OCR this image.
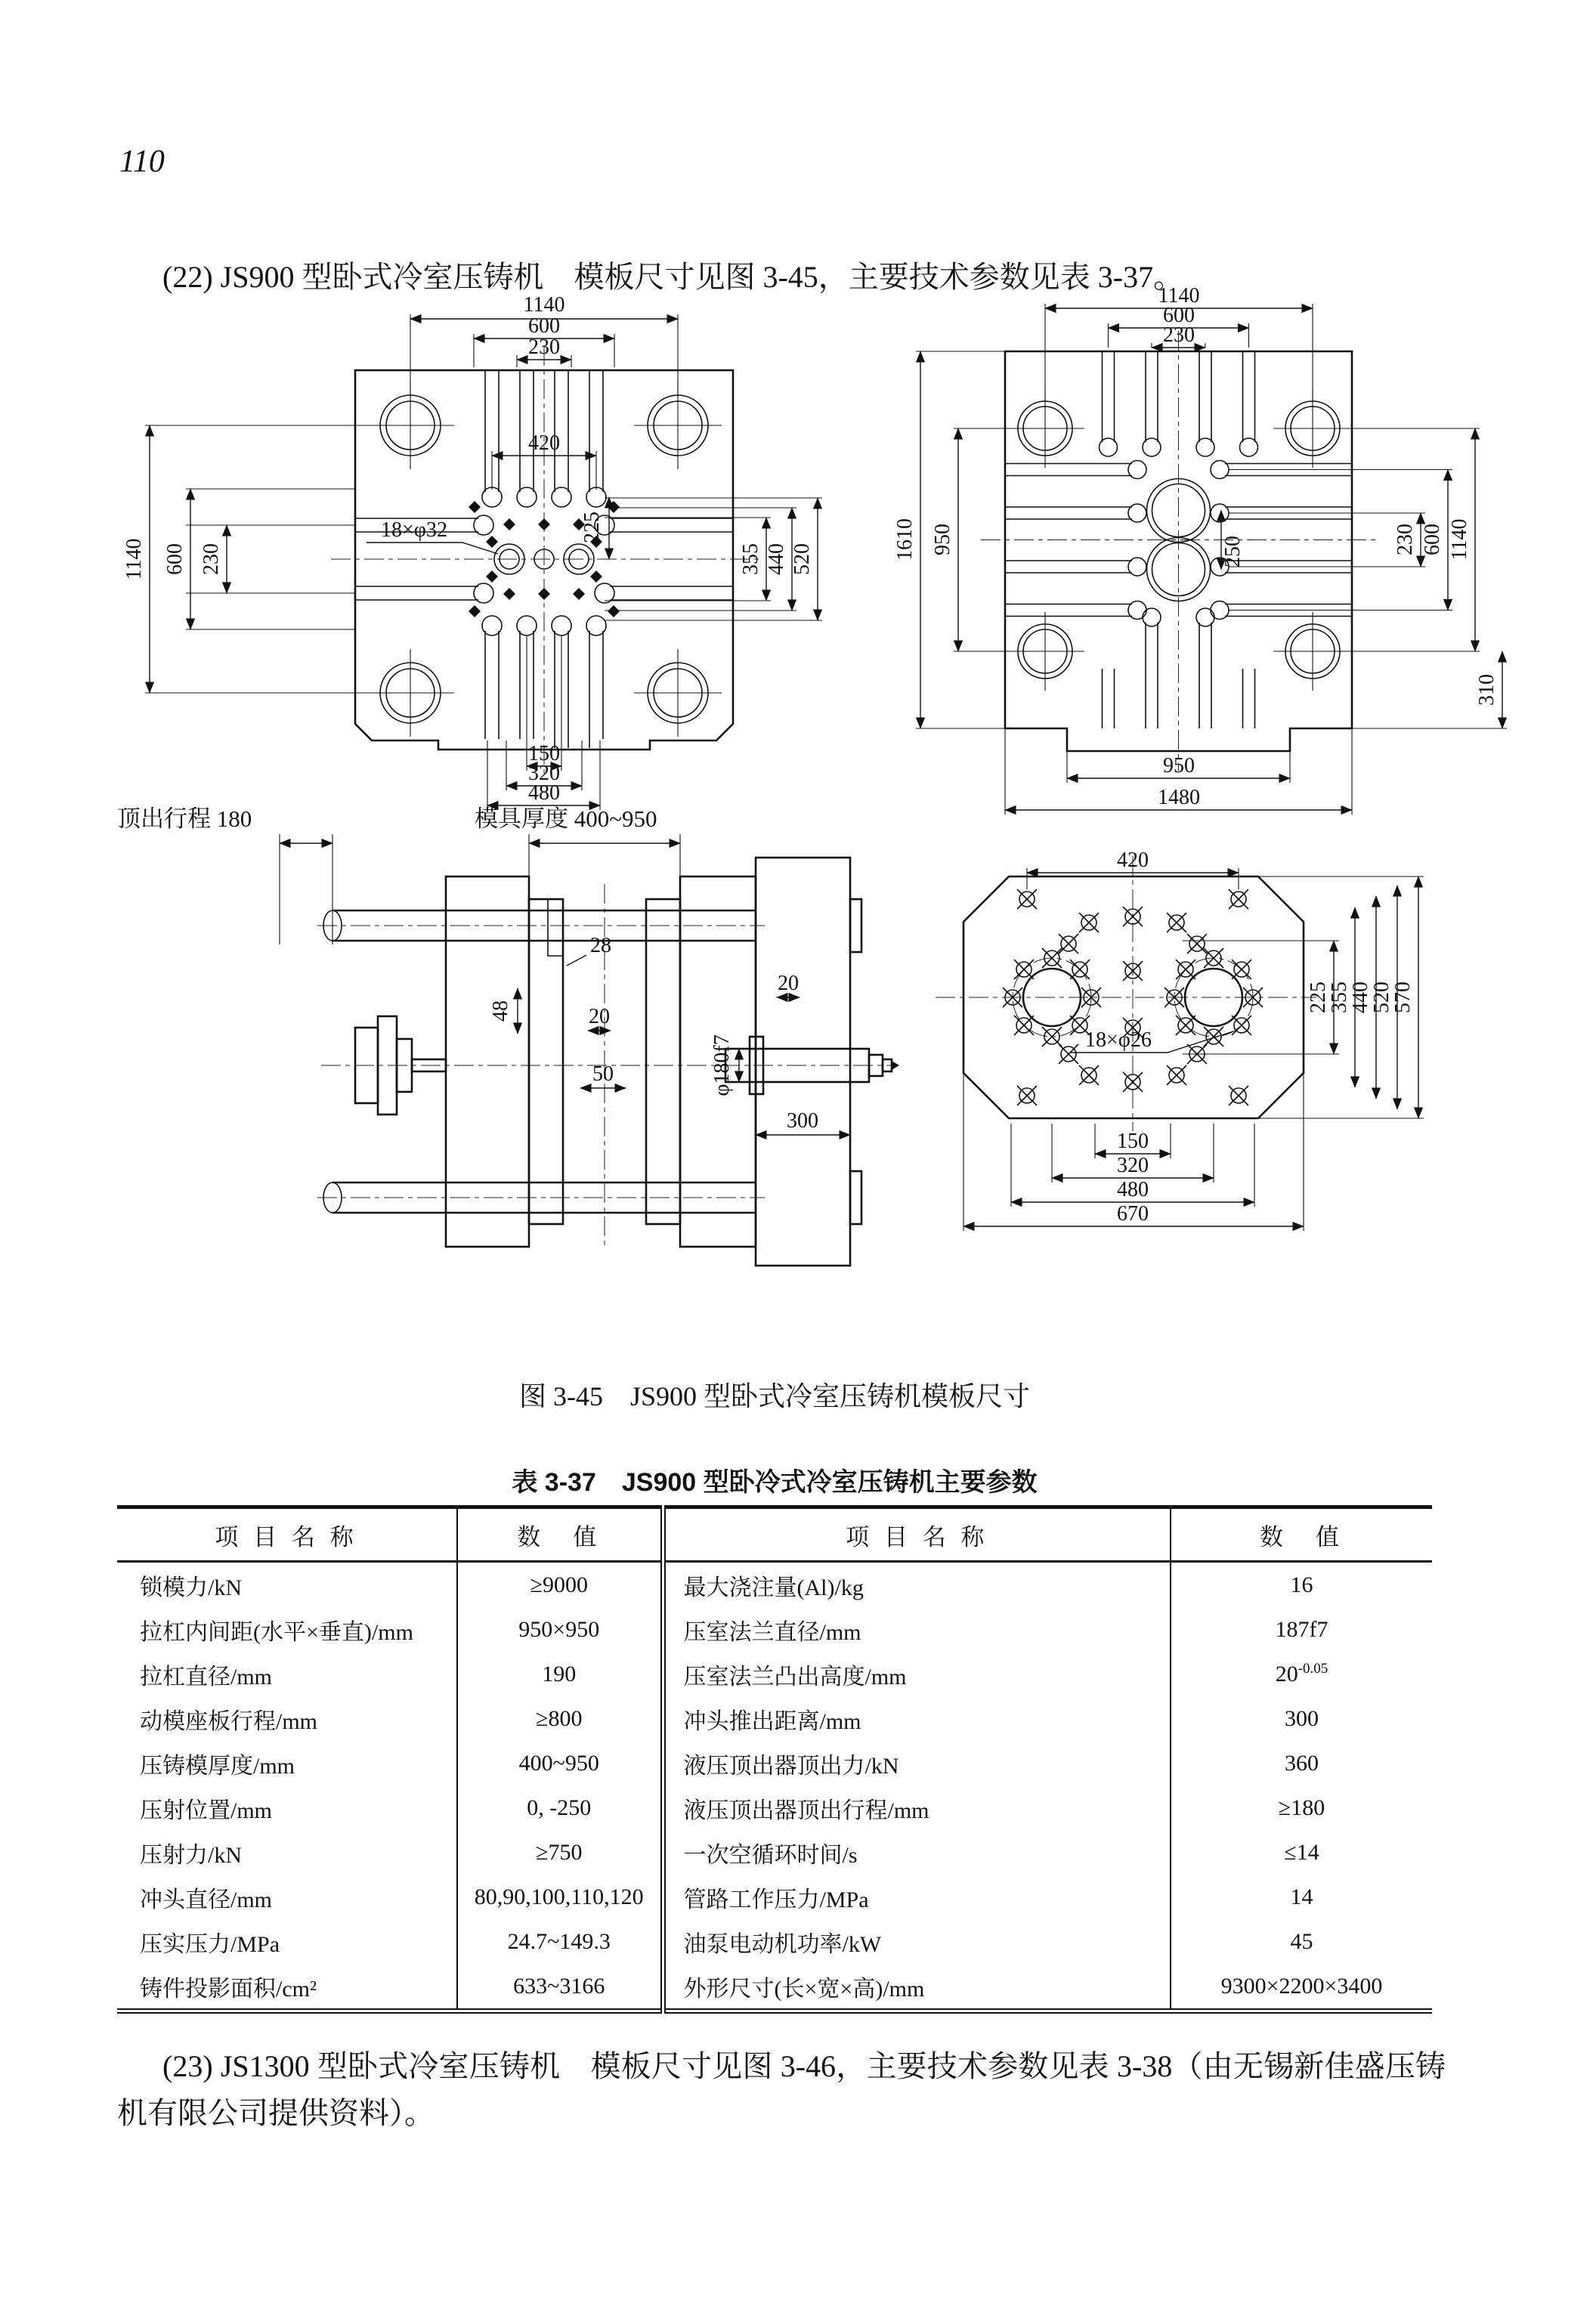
110

(22) JS900 型卧式冷室压铸机　模板尺寸见图 3-45，主要技术参数见表 3-37。

1140
600
230
420
1140 600 230	355 440 520
150
320
480
18×φ32	225
1140
600
230
1610 950	250	230 600 1140
310
950
1480
顶出行程 180	模具厚度 400~950
28
48	20
50
20
φ180f7
300
18×φ26
420
225
355
440
520
570
150
320
480
670
图 3-45　JS900 型卧式冷室压铸机模板尺寸
表 3-37　JS900 型卧冷式冷室压铸机主要参数
项 目 名 称	数　值	项 目 名 称	数　值
锁模力/kN	≥9000	最大浇注量(Al)/kg	16
拉杠内间距(水平×垂直)/mm	950×950	压室法兰直径/mm	187f7
拉杠直径/mm	190	压室法兰凸出高度/mm	$20^{-0.05}$
动模座板行程/mm	≥800	冲头推出距离/mm	300
压铸模厚度/mm	400~950	液压顶出器顶出力/kN	360
压射位置/mm	0, -250	液压顶出器顶出行程/mm	≥180
压射力/kN	≥750	一次空循环时间/s	≤14
冲头直径/mm	80,90,100,110,120	管路工作压力/MPa	14
压实压力/MPa	24.7~149.3	油泵电动机功率/kW	45
铸件投影面积/cm²	633~3166	外形尺寸(长×宽×高)/mm	9300×2200×3400

(23) JS1300 型卧式冷室压铸机　模板尺寸见图 3-46，主要技术参数见表 3-38（由无锡新佳盛压铸机有限公司提供资料）。
